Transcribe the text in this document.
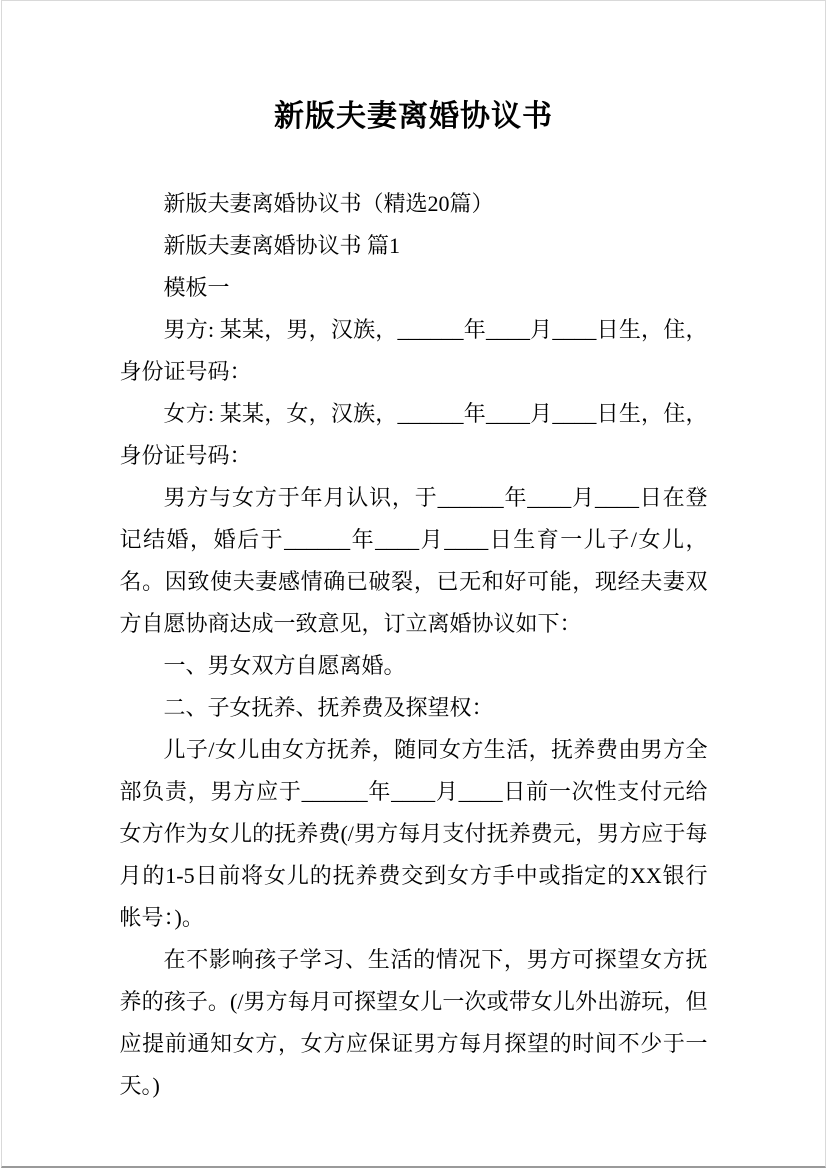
新版夫妻离婚协议书

新版夫妻离婚协议书（精选20篇）

新版夫妻离婚协议书 篇1

模板一

男方: 某某，男，汉族，______年____月____日生，住，身份证号码：

女方: 某某，女，汉族，______年____月____日生，住，身份证号码：

男方与女方于年月认识，于______年____月____日在登记结婚，婚后于______年____月____日生育一儿子/女儿，名。因致使夫妻感情确已破裂，已无和好可能，现经夫妻双方自愿协商达成一致意见，订立离婚协议如下：

一、男女双方自愿离婚。

二、子女抚养、抚养费及探望权：

儿子/女儿由女方抚养，随同女方生活，抚养费由男方全部负责，男方应于______年____月____日前一次性支付元给女方作为女儿的抚养费(/男方每月支付抚养费元，男方应于每月的1-5日前将女儿的抚养费交到女方手中或指定的XX银行帐号：)。

在不影响孩子学习、生活的情况下，男方可探望女方抚养的孩子。(/男方每月可探望女儿一次或带女儿外出游玩，但应提前通知女方，女方应保证男方每月探望的时间不少于一天。)
